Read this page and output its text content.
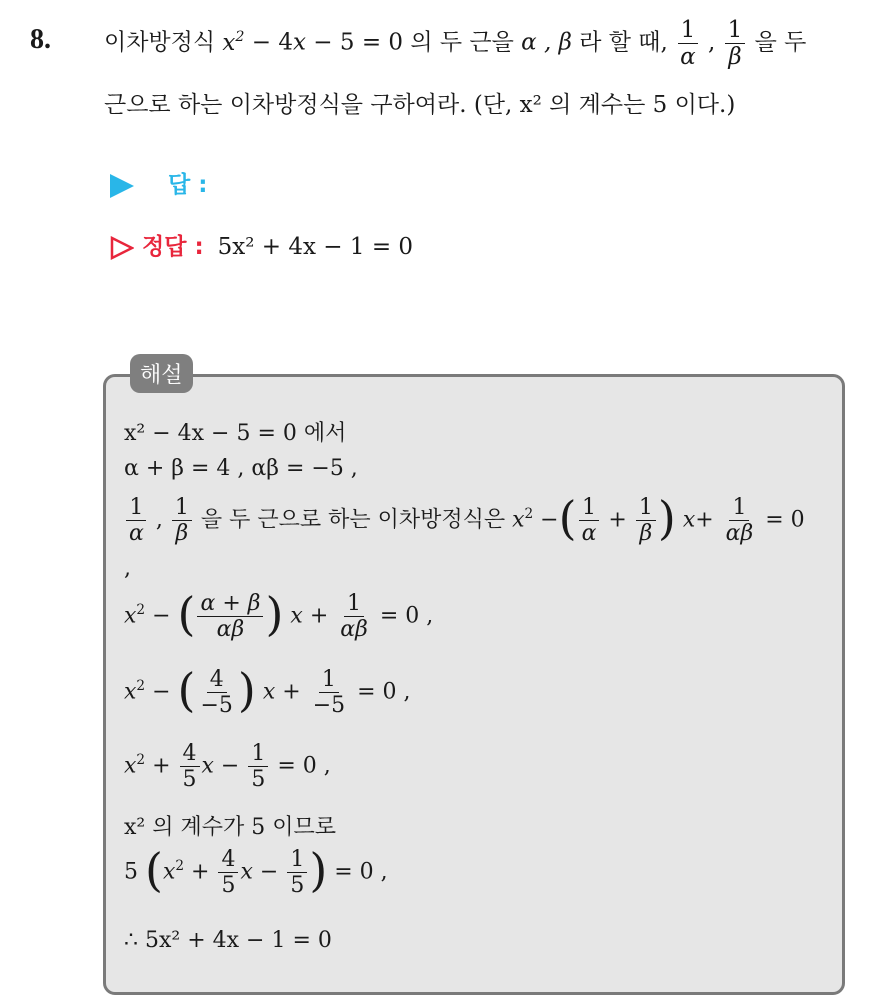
8. 이차방정식 $x^2 - 4x - 5 = 0$ 의 두 근을 α , β 라 할 때, $\frac{1}{\alpha}$ , $\frac{1}{\beta}$ 을 두
근으로 하는 이차방정식을 구하여라. (단, x² 의 계수는 5 이다.)
답 :
정답 : 5x² + 4x − 1 = 0
해설
x² − 4x − 5 = 0 에서
α + β = 4 , αβ = −5 ,
$\frac{1}{\alpha}$ , $\frac{1}{\beta}$ 을 두 근으로 하는 이차방정식은 $x^2$ −( $\frac{1}{\alpha} + \frac{1}{\beta}$ ) $x+ \frac{1}{\alpha\beta} = 0$
,
$x^2$ − ( $\frac{\alpha + \beta}{\alpha\beta}$ ) $x + \frac{1}{\alpha\beta} = 0$ ,
$x^2$ − ( $\frac{4}{-5}$ ) $x + \frac{1}{-5} = 0$ ,
$x^2 + \frac{4}{5}$ $x - \frac{1}{5} = 0$ ,
x² 의 계수가 5 이므로
5 ($x^2 + \frac{4}{5}$ $x - \frac{1}{5}$ ) = 0 ,
∴ 5x² + 4x − 1 = 0
